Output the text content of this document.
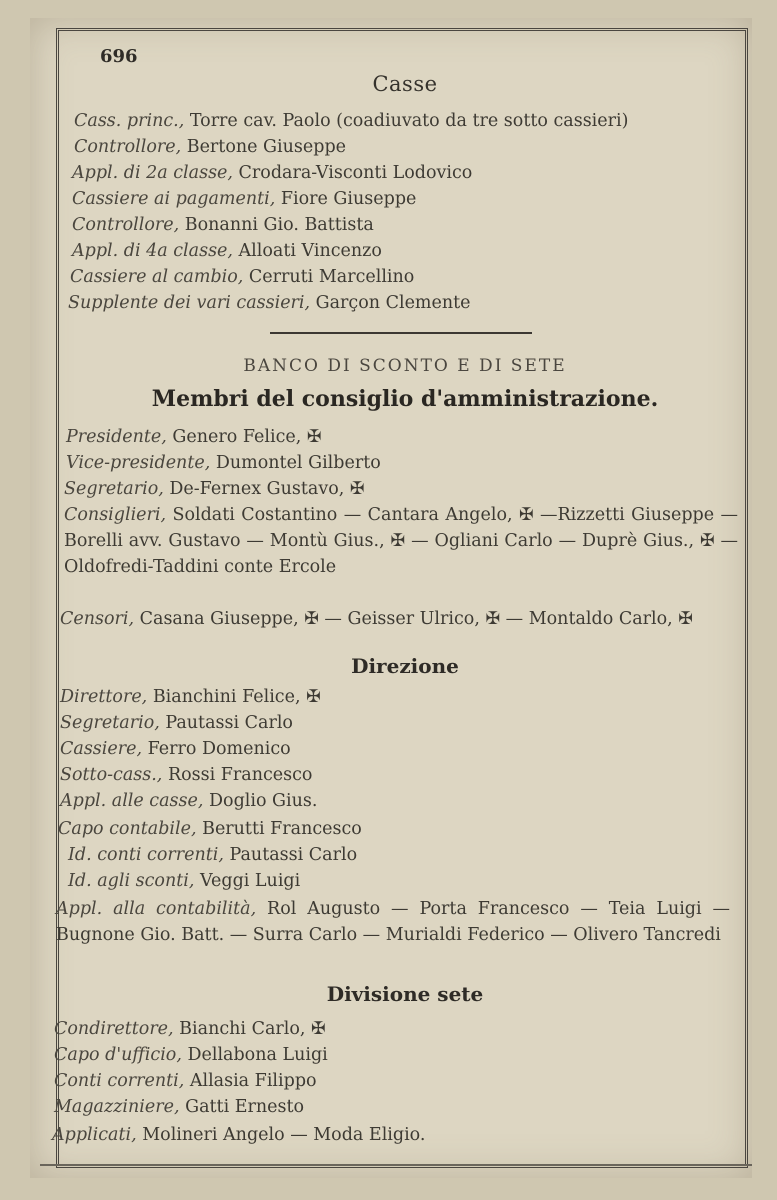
696
Casse
Cass. princ., Torre cav. Paolo (coadiuvato da tre sotto cassieri)
Controllore, Bertone Giuseppe
Appl. di 2a classe, Crodara-Visconti Lodovico
Cassiere ai pagamenti, Fiore Giuseppe
Controllore, Bonanni Gio. Battista
Appl. di 4a classe, Alloati Vincenzo
Cassiere al cambio, Cerruti Marcellino
Supplente dei vari cassieri, Garçon Clemente
BANCO DI SCONTO E DI SETE
Membri del consiglio d'amministrazione.
Presidente, Genero Felice, ✠
Vice-presidente, Dumontel Gilberto
Segretario, De-Fernex Gustavo, ✠
Consiglieri, Soldati Costantino — Cantara Angelo, ✠ —Rizzetti Giuseppe — Borelli avv. Gustavo — Montù Gius., ✠ — Ogliani Carlo — Duprè Gius., ✠ — Oldofredi-Taddini conte Ercole
Censori, Casana Giuseppe, ✠ — Geisser Ulrico, ✠ — Montaldo Carlo, ✠
Direzione
Direttore, Bianchini Felice, ✠
Segretario, Pautassi Carlo
Cassiere, Ferro Domenico
Sotto-cass., Rossi Francesco
Appl. alle casse, Doglio Gius.
Capo contabile, Berutti Francesco
Id. conti correnti, Pautassi Carlo
Id. agli sconti, Veggi Luigi
Appl. alla contabilità, Rol Augusto — Porta Francesco — Teia Luigi — Bugnone Gio. Batt. — Surra Carlo — Murialdi Federico — Olivero Tancredi
Divisione sete
Condirettore, Bianchi Carlo, ✠
Capo d'ufficio, Dellabona Luigi
Conti correnti, Allasia Filippo
Magazziniere, Gatti Ernesto
Applicati, Molineri Angelo — Moda Eligio.
